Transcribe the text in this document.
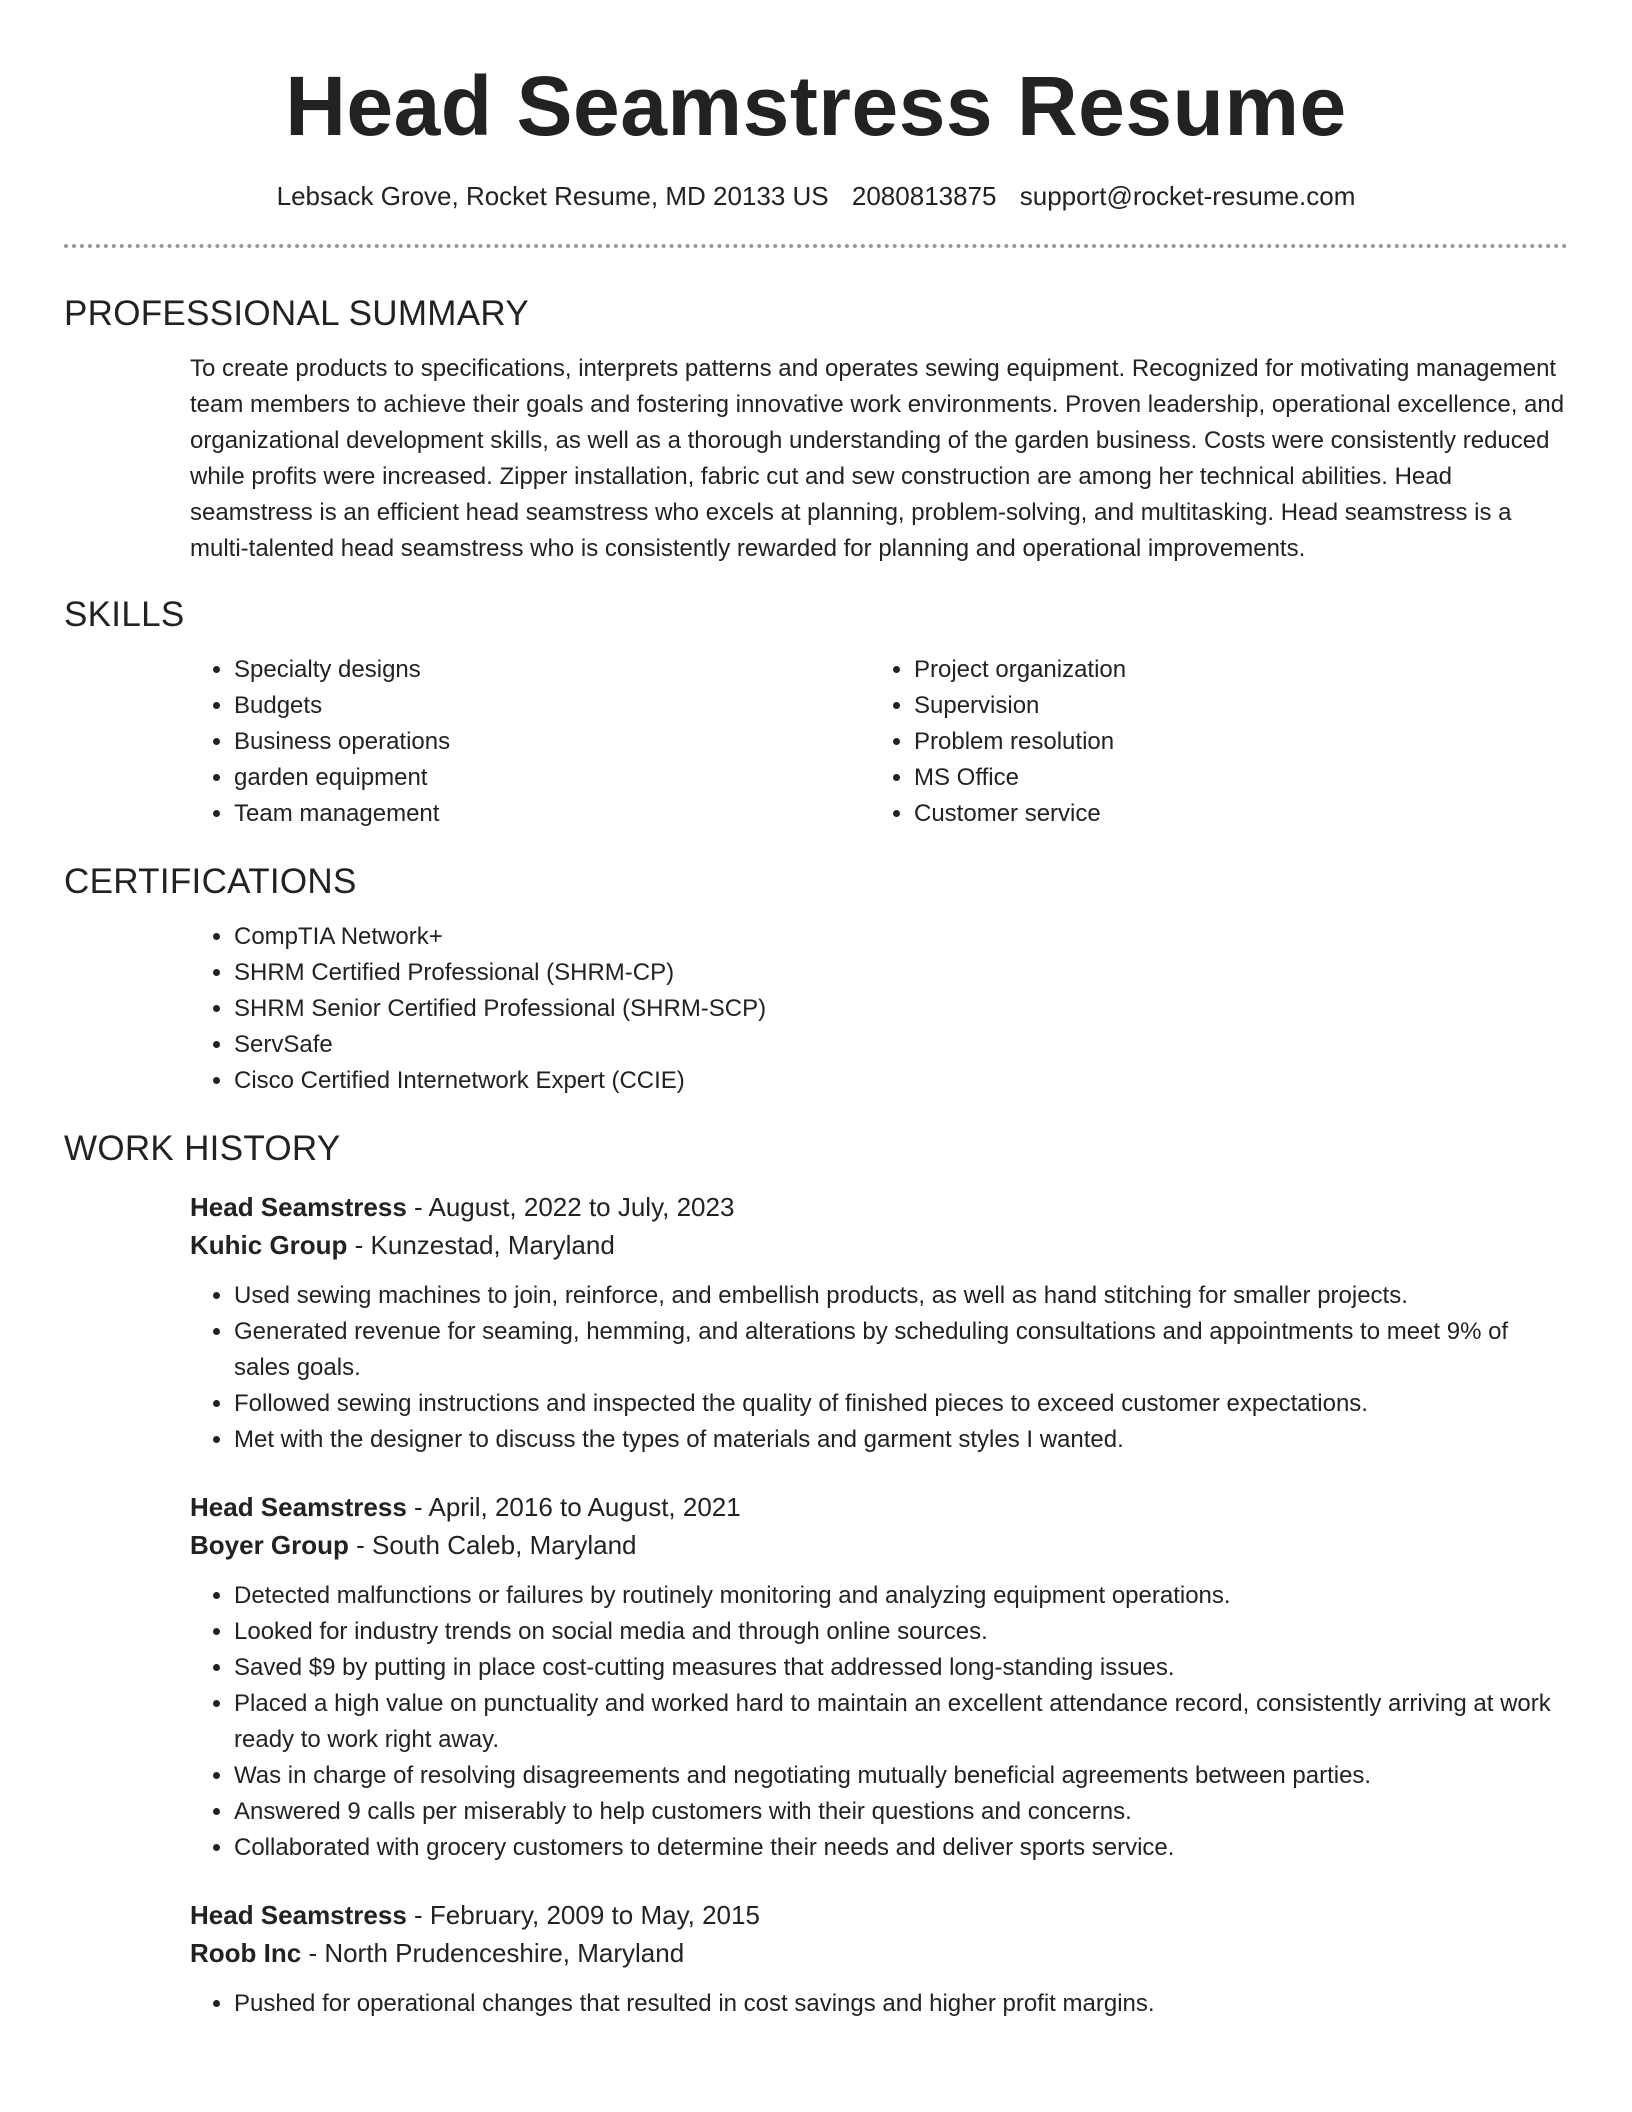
Head Seamstress Resume
Lebsack Grove, Rocket Resume, MD 20133 US 2080813875 support@rocket-resume.com
PROFESSIONAL SUMMARY

To create products to specifications, interprets patterns and operates sewing equipment. Recognized for motivating management team members to achieve their goals and fostering innovative work environments. Proven leadership, operational excellence, and organizational development skills, as well as a thorough understanding of the garden business. Costs were consistently reduced while profits were increased. Zipper installation, fabric cut and sew construction are among her technical abilities. Head seamstress is an efficient head seamstress who excels at planning, problem-solving, and multitasking. Head seamstress is a multi-talented head seamstress who is consistently rewarded for planning and operational improvements.

SKILLS
• Specialty designs
• Budgets
• Business operations
• garden equipment
• Team management
• Project organization
• Supervision
• Problem resolution
• MS Office
• Customer service
CERTIFICATIONS
• CompTIA Network+
• SHRM Certified Professional (SHRM-CP)
• SHRM Senior Certified Professional (SHRM-SCP)
• ServSafe
• Cisco Certified Internetwork Expert (CCIE)
WORK HISTORY
Head Seamstress - August, 2022 to July, 2023
Kuhic Group - Kunzestad, Maryland
• Used sewing machines to join, reinforce, and embellish products, as well as hand stitching for smaller projects.
• Generated revenue for seaming, hemming, and alterations by scheduling consultations and appointments to meet 9% of sales goals.
• Followed sewing instructions and inspected the quality of finished pieces to exceed customer expectations.
• Met with the designer to discuss the types of materials and garment styles I wanted.
Head Seamstress - April, 2016 to August, 2021
Boyer Group - South Caleb, Maryland
• Detected malfunctions or failures by routinely monitoring and analyzing equipment operations.
• Looked for industry trends on social media and through online sources.
• Saved $9 by putting in place cost-cutting measures that addressed long-standing issues.
• Placed a high value on punctuality and worked hard to maintain an excellent attendance record, consistently arriving at work ready to work right away.
• Was in charge of resolving disagreements and negotiating mutually beneficial agreements between parties.
• Answered 9 calls per miserably to help customers with their questions and concerns.
• Collaborated with grocery customers to determine their needs and deliver sports service.
Head Seamstress - February, 2009 to May, 2015
Roob Inc - North Prudenceshire, Maryland
• Pushed for operational changes that resulted in cost savings and higher profit margins.
